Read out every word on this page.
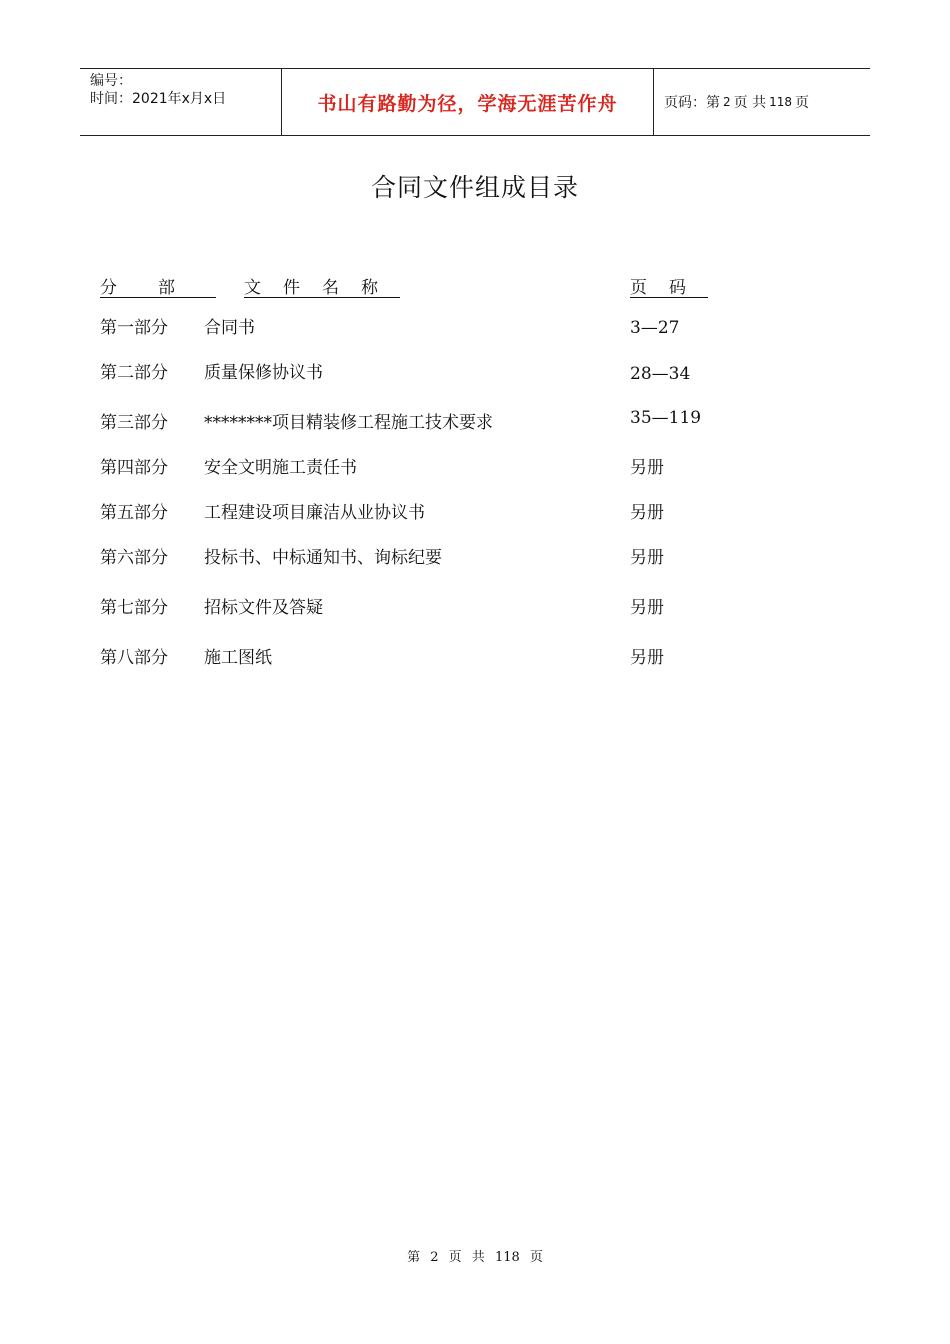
编号：
时间：2021年x月x日	书山有路勤为径，学海无涯苦作舟	页码：第 2 页 共 118 页
合同文件组成目录
分部 文件名称	页码
第一部分 合同书	3—27
第二部分 质量保修协议书	28—34
第三部分 ********项目精装修工程施工技术要求	35—119
第四部分 安全文明施工责任书	另册
第五部分 工程建设项目廉洁从业协议书	另册
第六部分 投标书、中标通知书、询标纪要	另册
第七部分 招标文件及答疑	另册
第八部分 施工图纸	另册
第 2 页 共 118 页
